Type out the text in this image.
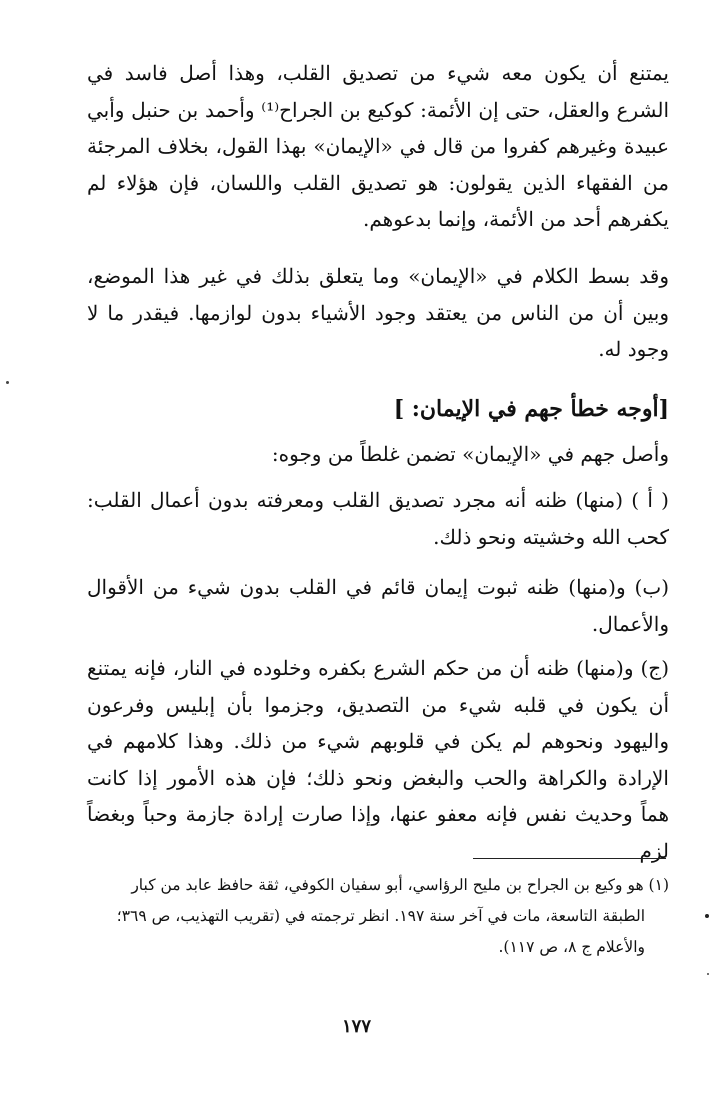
يمتنع أن يكون معه شيء من تصديق القلب، وهذا أصل فاسد في الشرع والعقل، حتى إن الأئمة: كوكيع بن الجراح⁽¹⁾ وأحمد بن حنبل وأبي عبيدة وغيرهم كفروا من قال في «الإيمان» بهذا القول، بخلاف المرجئة من الفقهاء الذين يقولون: هو تصديق القلب واللسان، فإن هؤلاء لم يكفرهم أحد من الأئمة، وإنما بدعوهم.

وقد بسط الكلام في «الإيمان» وما يتعلق بذلك في غير هذا الموضع، وبين أن من الناس من يعتقد وجود الأشياء بدون لوازمها. فيقدر ما لا وجود له.

[أوجه خطأ جهم في الإيمان: ]

وأصل جهم في «الإيمان» تضمن غلطاً من وجوه:

( أ ) (منها) ظنه أنه مجرد تصديق القلب ومعرفته بدون أعمال القلب: كحب الله وخشيته ونحو ذلك.

(ب) و(منها) ظنه ثبوت إيمان قائم في القلب بدون شيء من الأقوال والأعمال.

(ج) و(منها) ظنه أن من حكم الشرع بكفره وخلوده في النار، فإنه يمتنع أن يكون في قلبه شيء من التصديق، وجزموا بأن إبليس وفرعون واليهود ونحوهم لم يكن في قلوبهم شيء من ذلك. وهذا كلامهم في الإرادة والكراهة والحب والبغض ونحو ذلك؛ فإن هذه الأمور إذا كانت هماً وحديث نفس فإنه معفو عنها، وإذا صارت إرادة جازمة وحباً وبغضاً لزم

(١) هو وكيع بن الجراح بن مليح الرؤاسي، أبو سفيان الكوفي، ثقة حافظ عابد من كبار

الطبقة التاسعة، مات في آخر سنة ١٩٧. انظر ترجمته في (تقريب التهذيب، ص ٣٦٩؛

والأعلام ج ٨، ص ١١٧).

١٧٧
